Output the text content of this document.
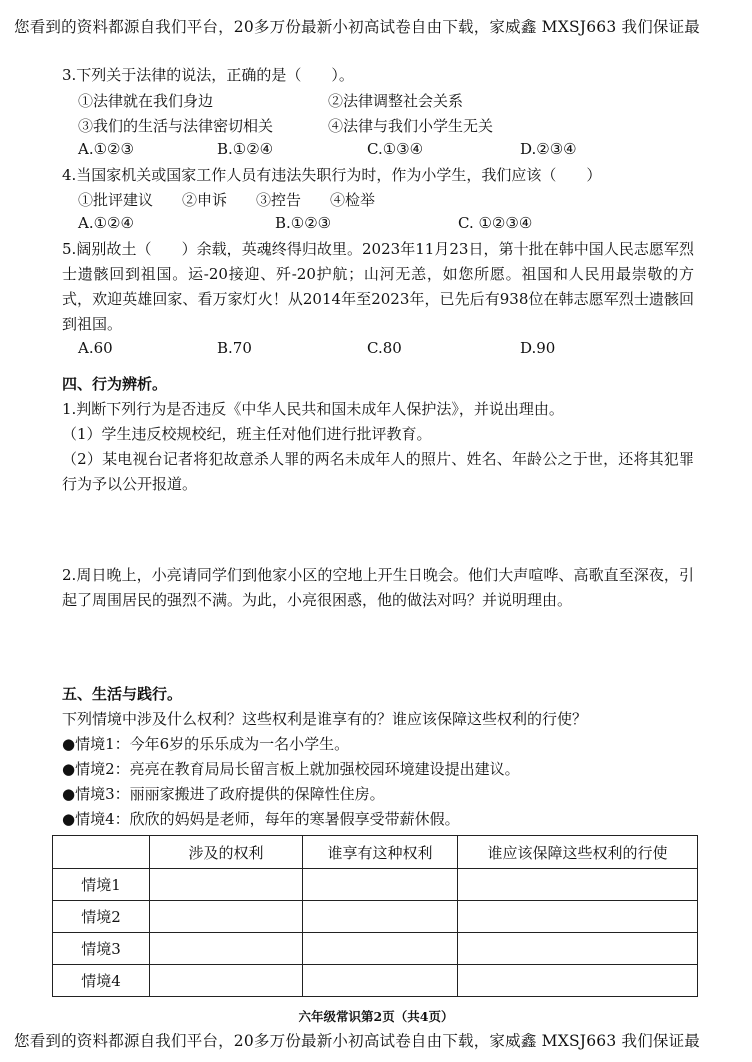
您看到的资料都源自我们平台，20多万份最新小初高试卷自由下载，家威鑫 MXSJ663 我们保证最
3.下列关于法律的说法，正确的是（　　）。
①法律就在我们身边	②法律调整社会关系
③我们的生活与法律密切相关	④法律与我们小学生无关
A.①②③	B.①②④	C.①③④	D.②③④
4.当国家机关或国家工作人员有违法失职行为时，作为小学生，我们应该（　　）
①批评建议 ②申诉 ③控告 ④检举
A.①②④	B.①②③	C. ①②③④
5.阔别故土（　　）余载，英魂终得归故里。2023年11月23日，第十批在韩中国人民志愿军烈士遗骸回到祖国。运-20接迎、歼-20护航；山河无恙，如您所愿。祖国和人民用最崇敬的方式，欢迎英雄回家、看万家灯火！从2014年至2023年，已先后有938位在韩志愿军烈士遗骸回到祖国。
A.60	B.70	C.80	D.90
四、行为辨析。
1.判断下列行为是否违反《中华人民共和国未成年人保护法》，并说出理由。
（1）学生违反校规校纪，班主任对他们进行批评教育。
（2）某电视台记者将犯故意杀人罪的两名未成年人的照片、姓名、年龄公之于世，还将其犯罪行为予以公开报道。
2.周日晚上，小亮请同学们到他家小区的空地上开生日晚会。他们大声喧哗、高歌直至深夜，引起了周围居民的强烈不满。为此，小亮很困惑，他的做法对吗？并说明理由。
五、生活与践行。
下列情境中涉及什么权利？这些权利是谁享有的？谁应该保障这些权利的行使？
●情境1：今年6岁的乐乐成为一名小学生。
●情境2：亮亮在教育局局长留言板上就加强校园环境建设提出建议。
●情境3：丽丽家搬进了政府提供的保障性住房。
●情境4：欣欣的妈妈是老师，每年的寒暑假享受带薪休假。
	涉及的权利	谁享有这种权利	谁应该保障这些权利的行使
情境1			
情境2			
情境3			
情境4			
六年级常识第2页（共4页）
您看到的资料都源自我们平台，20多万份最新小初高试卷自由下载，家威鑫 MXSJ663 我们保证最
